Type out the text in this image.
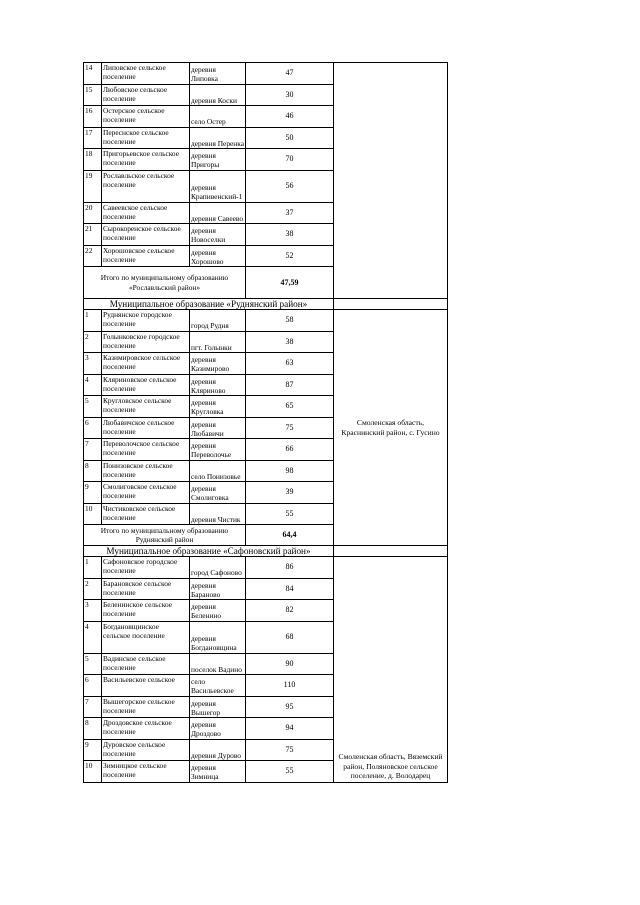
14	Липовское сельское поселение	деревня Липовка	47	
15	Любовское сельское поселение	деревня Коски	30	
16	Остерское сельское поселение	село Остер	46	
17	Переснское сельское поселение	деревня Перенка	50	
18	Пригорьевское сельское поселение	деревня Пригоры	70	
19	Рославльское сельское поселение	деревня Крапивенский-1	56	
20	Савеевское сельское поселение	деревня Савеево	37	
21	Сырокоренское сельское поселение	деревня Новоселки	38	
22	Хорошовское сельское поселение	деревня Хорошово	52	
Итого по муниципальному образованию «Рославльский район»			47,59	
Муниципальное образование «Руднянский район»				
1	Руднянское городское поселение	город Рудня	58	Смоленская область, Краснинский район, с. Гусино
2	Голынковское городское поселение	пгт. Голынки	38	
3	Казимировское сельское поселение	деревня Казимирово	63	
4	Кляриновское сельское поселение	деревня Кляриново	87	
5	Кругловское сельское поселение	деревня Кругловка	65	
6	Любавичское сельское поселение	деревня Любавичи	75	
7	Переволочское сельское поселение	деревня Переволочье	66	
8	Понизовское сельское поселение	село Понизовье	98	
9	Смолиговское сельское поселение	деревня Смолиговка	39	
10	Чистиковское сельское поселение	деревня Чистик	55	
Итого по муниципальному образованию Руднянский район			64,4	
Муниципальное образование «Сафоновский район»				
1	Сафоновское городское поселение	город Сафоново	86	Смоленская область, Вяземский район, Поляновское сельское поселение, д. Володарец
2	Барановское сельское поселение	деревня Бараново	84	
3	Беленинское сельское поселение	деревня Беленино	82	
4	Богдановщинское сельское поселение	деревня Богдановщина	68	
5	Вадинское сельское поселение	поселок Вадино	90	
6	Васильевское сельское	село Васильевское	110	
7	Вышегорское сельское поселение	деревня Вышегор	95	
8	Дроздовское сельское поселение	деревня Дроздово	94	
9	Дуровское сельское поселение	деревня Дурово	75	
10	Зимницкое сельское поселение	деревня Зимница	55	
